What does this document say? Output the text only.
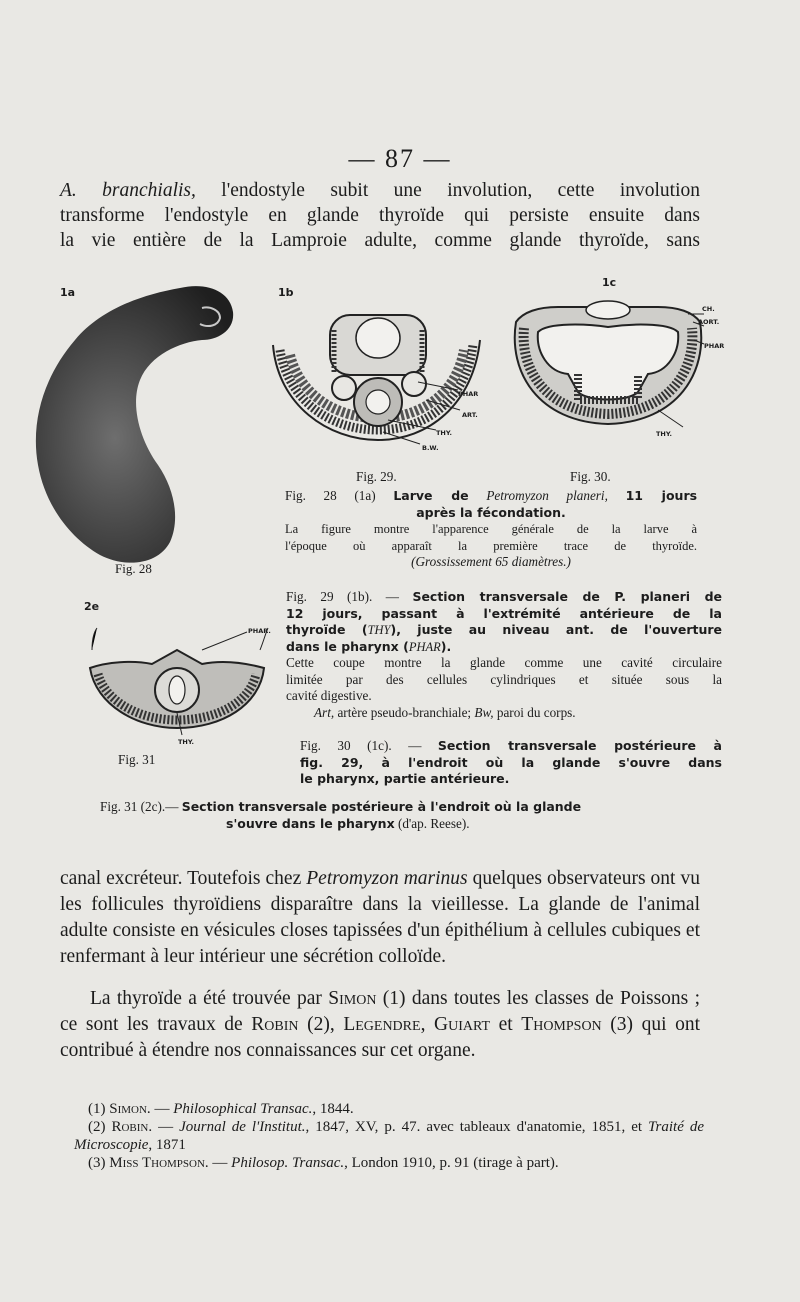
— 87 —

A. branchialis, l'endostyle subit une involution, cette involution

transforme l'endostyle en glande thyroïde qui persiste ensuite dans

la vie entière de la Lamproie adulte, comme glande thyroïde, sans

1a
Fig. 28
1b
PHAR
ART.
THY.
B.W.
1c
CH.
AORT.
PHAR
THY.
Fig. 29.	Fig. 30.

Fig. 28 (1a) Larve de Petromyzon planeri, 11 jours

après la fécondation.

La figure montre l'apparence générale de la larve à

l'époque où apparaît la première trace de thyroïde.

(Grossissement 65 diamètres.)

2e
PHAR.
THY.
Fig. 31

Fig. 29 (1b). — Section transversale de P. planeri de

12 jours, passant à l'extrémité antérieure de la

thyroïde (THY), juste au niveau ant. de l'ouverture

dans le pharynx (PHAR).

Cette coupe montre la glande comme une cavité circulaire

limitée par des cellules cylindriques et située sous la

cavité digestive.

Art, artère pseudo-branchiale; Bw, paroi du corps.

Fig. 30 (1c). — Section transversale postérieure à

fig. 29, à l'endroit où la glande s'ouvre dans

le pharynx, partie antérieure.

Fig. 31 (2c).— Section transversale postérieure à l'endroit où la glande

s'ouvre dans le pharynx (d'ap. Reese).

canal excréteur. Toutefois chez Petromyzon marinus quelques observateurs ont vu les follicules thyroïdiens disparaître dans la vieillesse. La glande de l'animal adulte consiste en vésicules closes tapissées d'un épithélium à cellules cubiques et renfermant à leur intérieur une sécrétion colloïde.

La thyroïde a été trouvée par Simon (1) dans toutes les classes de Poissons ; ce sont les travaux de Robin (2), Legendre, Guiart et Thompson (3) qui ont contribué à étendre nos connaissances sur cet organe.

(1) Simon. — Philosophical Transac., 1844.

(2) Robin. — Journal de l'Institut., 1847, XV, p. 47. avec tableaux d'anatomie, 1851, et Traité de Microscopie, 1871

(3) Miss Thompson. — Philosop. Transac., London 1910, p. 91 (tirage à part).
